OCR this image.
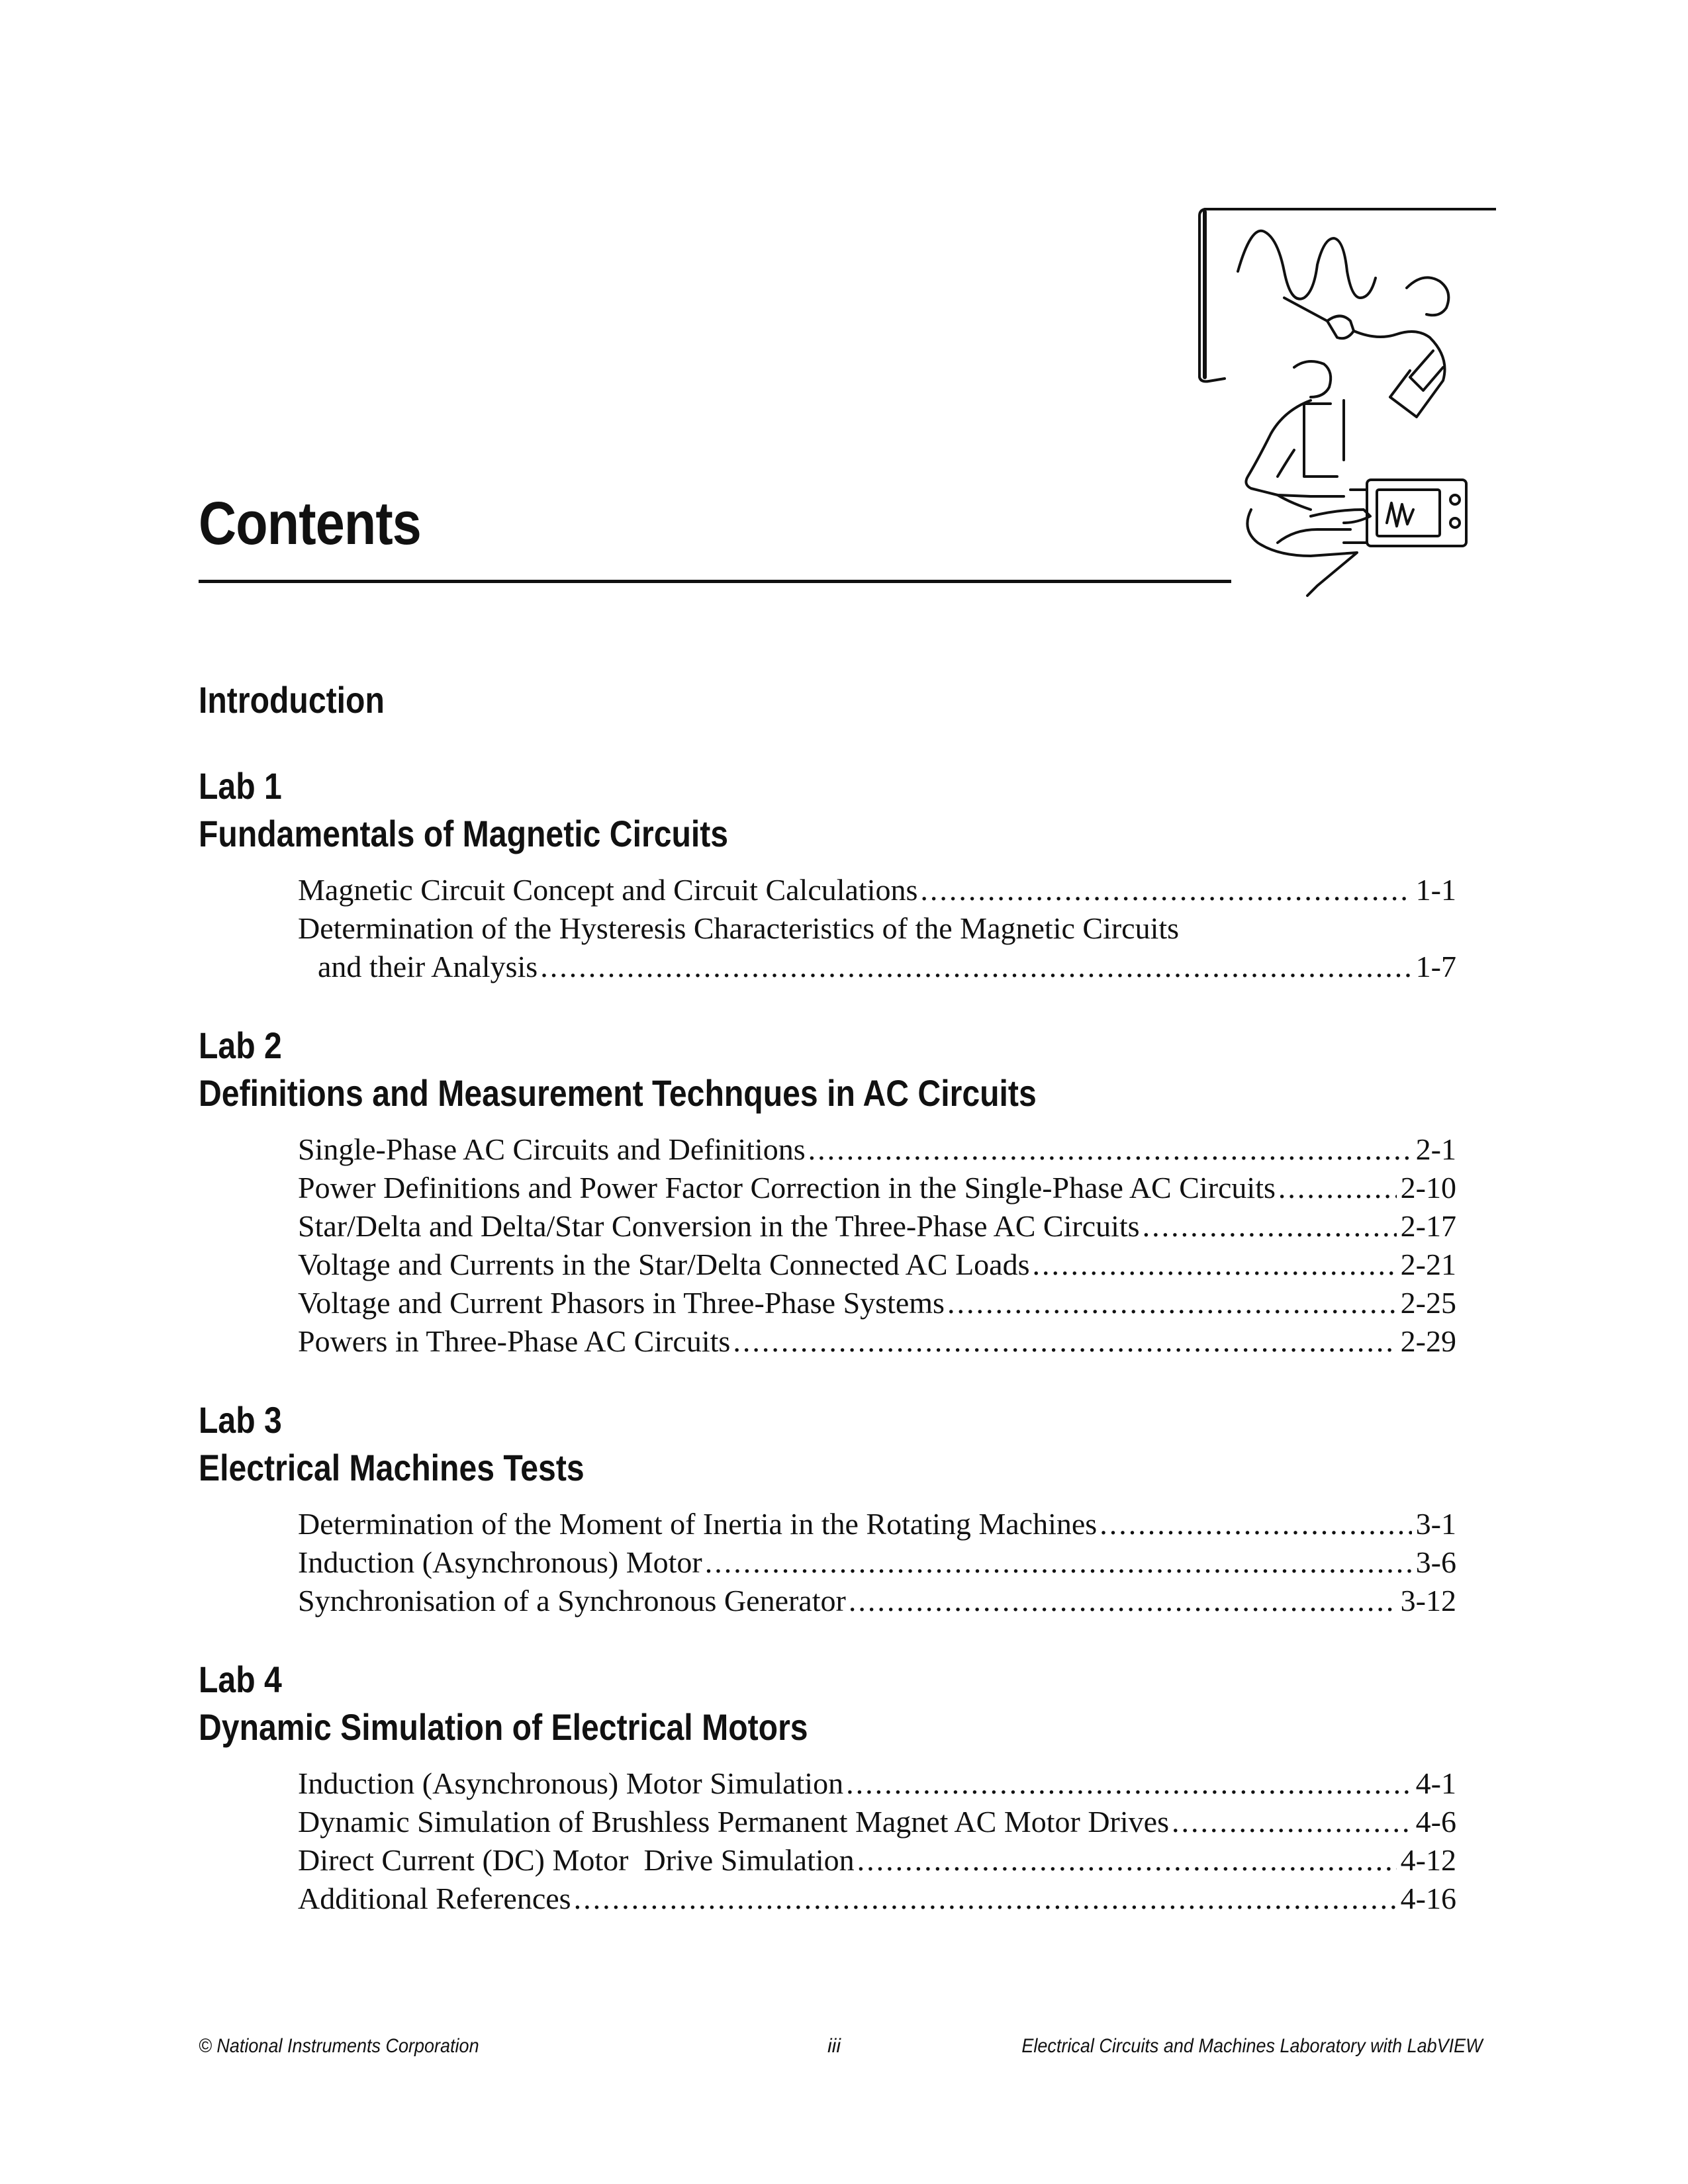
Contents
Introduction
Lab 1
Fundamentals of Magnetic Circuits
Magnetic Circuit Concept and Circuit Calculations .....	1-1
Determination of the Hysteresis Characteristics of the Magnetic Circuits
and their Analysis .....	1-7
Lab 2
Definitions and Measurement Technques in AC Circuits
Single-Phase AC Circuits and Definitions .....	2-1
Power Definitions and Power Factor Correction in the Single-Phase AC Circuits .....	2-10
Star/Delta and Delta/Star Conversion in the Three-Phase AC Circuits .....	2-17
Voltage and Currents in the Star/Delta Connected AC Loads .....	2-21
Voltage and Current Phasors in Three-Phase Systems .....	2-25
Powers in Three-Phase AC Circuits .....	2-29
Lab 3
Electrical Machines Tests
Determination of the Moment of Inertia in the Rotating Machines .....	3-1
Induction (Asynchronous) Motor .....	3-6
Synchronisation of a Synchronous Generator .....	3-12
Lab 4
Dynamic Simulation of Electrical Motors
Induction (Asynchronous) Motor Simulation .....	4-1
Dynamic Simulation of Brushless Permanent Magnet AC Motor Drives .....	4-6
Direct Current (DC) Motor  Drive Simulation .....	4-12
Additional References .....	4-16
© National Instruments Corporation	iii	Electrical Circuits and Machines Laboratory with LabVIEW
